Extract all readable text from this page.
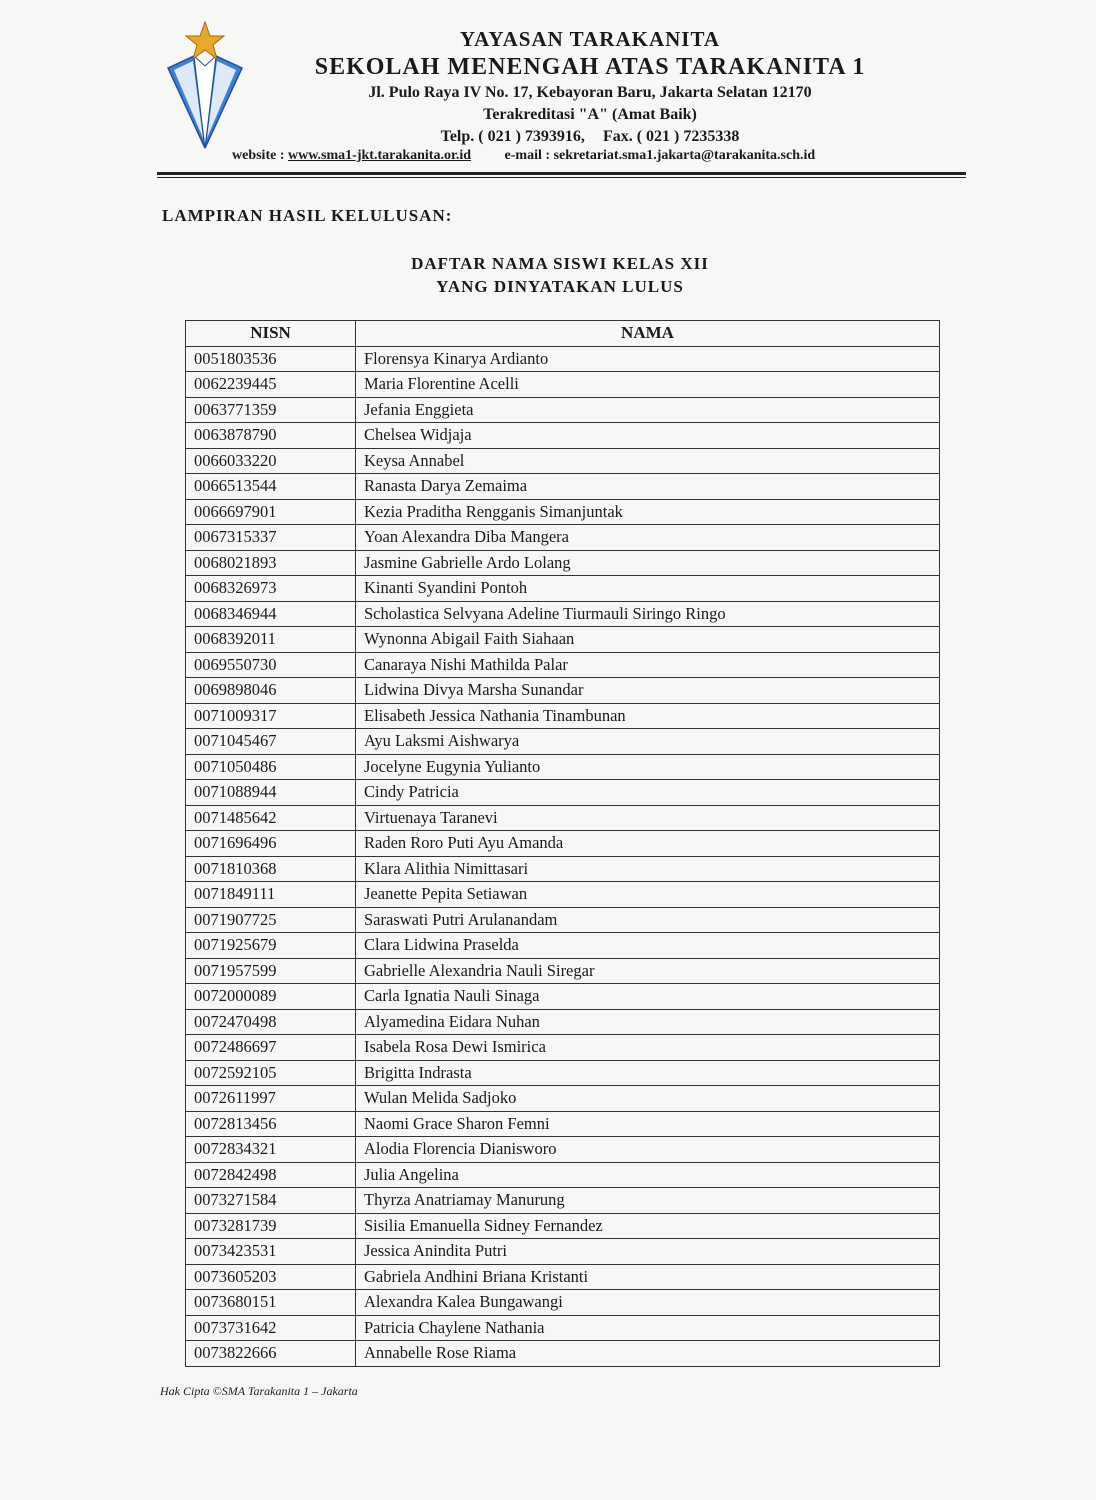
YAYASAN TARAKANITA
SEKOLAH MENENGAH ATAS TARAKANITA 1
Jl. Pulo Raya IV No. 17, Kebayoran Baru, Jakarta Selatan 12170
Terakreditasi "A" (Amat Baik)
Telp. ( 021 ) 7393916, Fax. ( 021 ) 7235338
website : www.sma1-jkt.tarakanita.or.id e-mail : sekretariat.sma1.jakarta@tarakanita.sch.id
LAMPIRAN HASIL KELULUSAN:
DAFTAR NAMA SISWI KELAS XII
YANG DINYATAKAN LULUS
NISN	NAMA
0051803536	Florensya Kinarya Ardianto
0062239445	Maria Florentine Acelli
0063771359	Jefania Enggieta
0063878790	Chelsea Widjaja
0066033220	Keysa Annabel
0066513544	Ranasta Darya Zemaima
0066697901	Kezia Praditha Rengganis Simanjuntak
0067315337	Yoan Alexandra Diba Mangera
0068021893	Jasmine Gabrielle Ardo Lolang
0068326973	Kinanti Syandini Pontoh
0068346944	Scholastica Selvyana Adeline Tiurmauli Siringo Ringo
0068392011	Wynonna Abigail Faith Siahaan
0069550730	Canaraya Nishi Mathilda Palar
0069898046	Lidwina Divya Marsha Sunandar
0071009317	Elisabeth Jessica Nathania Tinambunan
0071045467	Ayu Laksmi Aishwarya
0071050486	Jocelyne Eugynia Yulianto
0071088944	Cindy Patricia
0071485642	Virtuenaya Taranevi
0071696496	Raden Roro Puti Ayu Amanda
0071810368	Klara Alithia Nimittasari
0071849111	Jeanette Pepita Setiawan
0071907725	Saraswati Putri Arulanandam
0071925679	Clara Lidwina Praselda
0071957599	Gabrielle Alexandria Nauli Siregar
0072000089	Carla Ignatia Nauli Sinaga
0072470498	Alyamedina Eidara Nuhan
0072486697	Isabela Rosa Dewi Ismirica
0072592105	Brigitta Indrasta
0072611997	Wulan Melida Sadjoko
0072813456	Naomi Grace Sharon Femni
0072834321	Alodia Florencia Dianisworo
0072842498	Julia Angelina
0073271584	Thyrza Anatriamay Manurung
0073281739	Sisilia Emanuella Sidney Fernandez
0073423531	Jessica Anindita Putri
0073605203	Gabriela Andhini Briana Kristanti
0073680151	Alexandra Kalea Bungawangi
0073731642	Patricia Chaylene Nathania
0073822666	Annabelle Rose Riama
Hak Cipta ©SMA Tarakanita 1 – Jakarta
